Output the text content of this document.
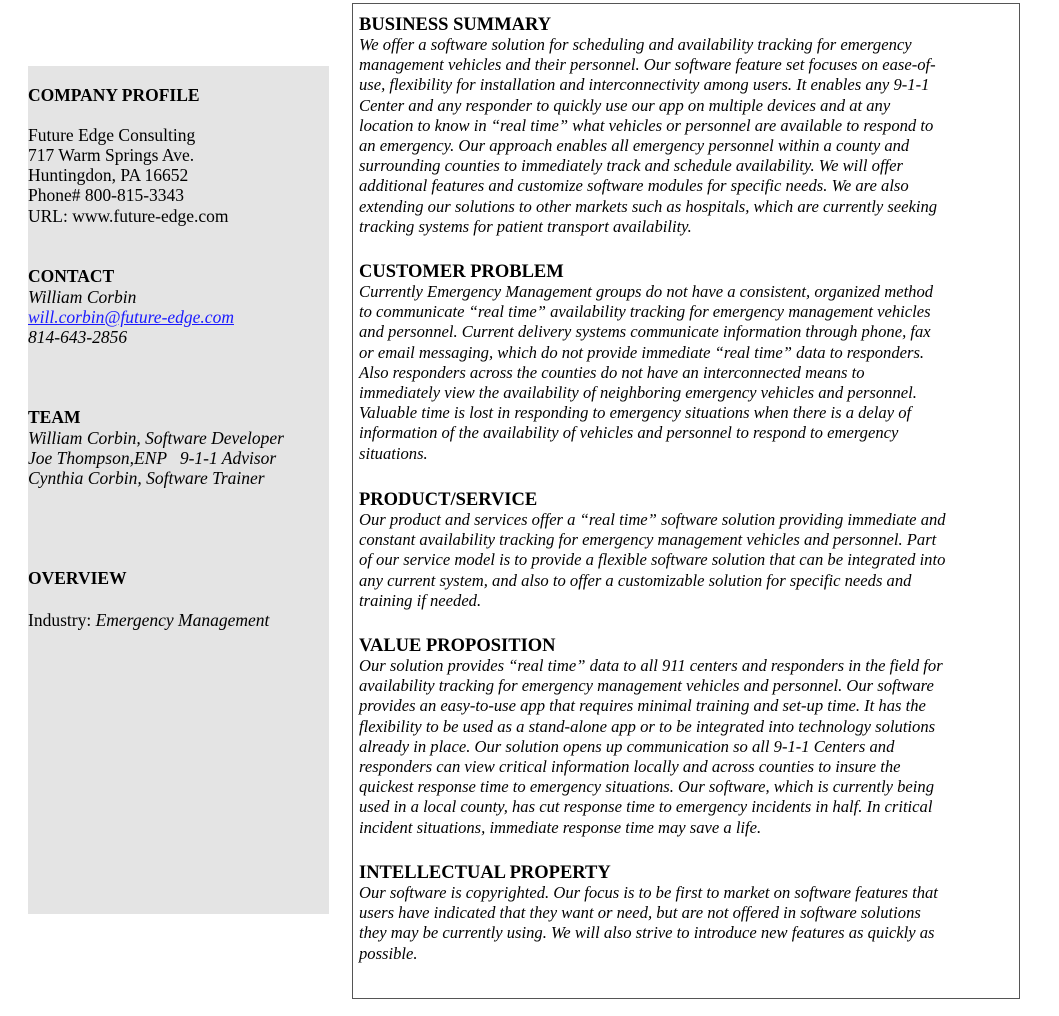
COMPANY PROFILE
Future Edge Consulting
717 Warm Springs Ave.
Huntingdon, PA 16652
Phone# 800-815-3343
URL: www.future-edge.com
CONTACT
William Corbin
will.corbin@future-edge.com
814-643-2856
TEAM
William Corbin, Software Developer
Joe Thompson,ENP   9-1-1 Advisor
Cynthia Corbin, Software Trainer
OVERVIEW
Industry: Emergency Management
BUSINESS SUMMARY
We offer a software solution for scheduling and availability tracking for emergency
management vehicles and their personnel. Our software feature set focuses on ease-of-
use, flexibility for installation and interconnectivity among users. It enables any 9-1-1
Center and any responder to quickly use our app on multiple devices and at any
location to know in “real time” what vehicles or personnel are available to respond to
an emergency. Our approach enables all emergency personnel within a county and
surrounding counties to immediately track and schedule availability. We will offer
additional features and customize software modules for specific needs. We are also
extending our solutions to other markets such as hospitals, which are currently seeking
tracking systems for patient transport availability.
CUSTOMER PROBLEM
Currently Emergency Management groups do not have a consistent, organized method
to communicate “real time” availability tracking for emergency management vehicles
and personnel. Current delivery systems communicate information through phone, fax
or email messaging, which do not provide immediate “real time” data to responders.
Also responders across the counties do not have an interconnected means to
immediately view the availability of neighboring emergency vehicles and personnel.
Valuable time is lost in responding to emergency situations when there is a delay of
information of the availability of vehicles and personnel to respond to emergency
situations.
PRODUCT/SERVICE
Our product and services offer a “real time” software solution providing immediate and
constant availability tracking for emergency management vehicles and personnel. Part
of our service model is to provide a flexible software solution that can be integrated into
any current system, and also to offer a customizable solution for specific needs and
training if needed.
VALUE PROPOSITION
Our solution provides “real time” data to all 911 centers and responders in the field for
availability tracking for emergency management vehicles and personnel. Our software
provides an easy-to-use app that requires minimal training and set-up time. It has the
flexibility to be used as a stand-alone app or to be integrated into technology solutions
already in place. Our solution opens up communication so all 9-1-1 Centers and
responders can view critical information locally and across counties to insure the
quickest response time to emergency situations. Our software, which is currently being
used in a local county, has cut response time to emergency incidents in half. In critical
incident situations, immediate response time may save a life.
INTELLECTUAL PROPERTY
Our software is copyrighted. Our focus is to be first to market on software features that
users have indicated that they want or need, but are not offered in software solutions
they may be currently using. We will also strive to introduce new features as quickly as
possible.
